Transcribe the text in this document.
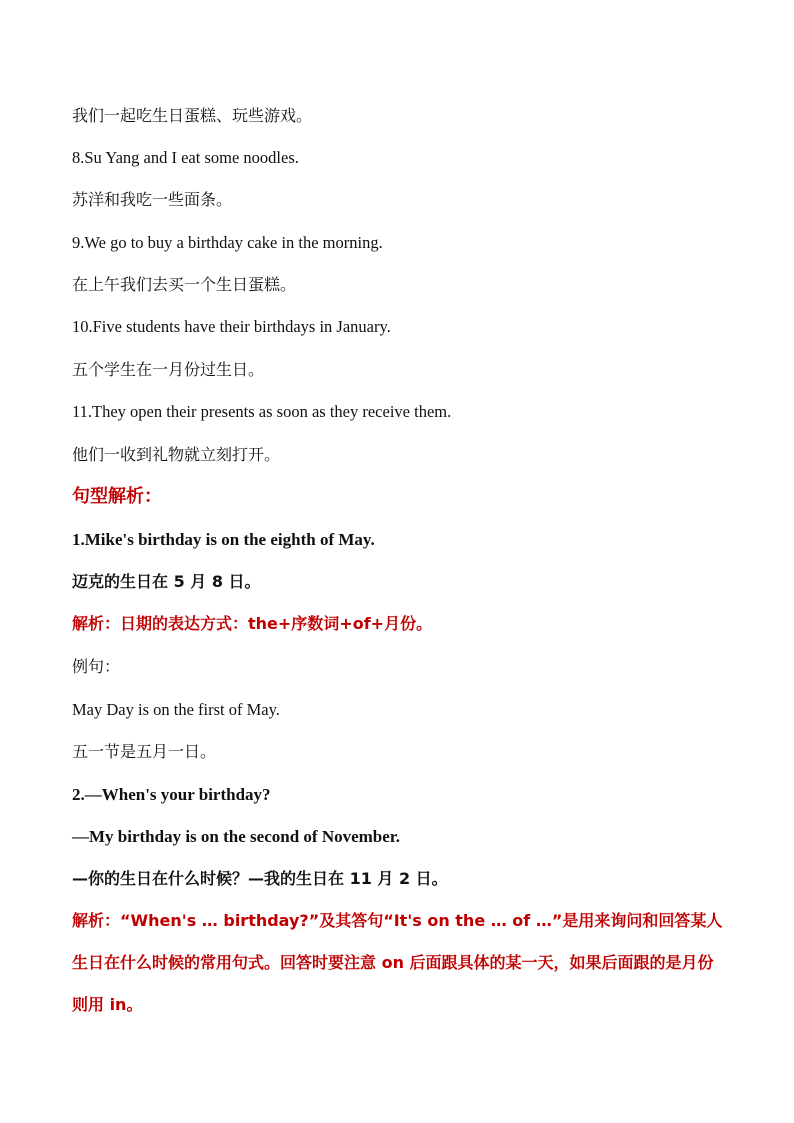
我们一起吃生日蛋糕、玩些游戏。
8.Su Yang and I eat some noodles.
苏洋和我吃一些面条。
9.We go to buy a birthday cake in the morning.
在上午我们去买一个生日蛋糕。
10.Five students have their birthdays in January.
五个学生在一月份过生日。
11.They open their presents as soon as they receive them.
他们一收到礼物就立刻打开。
句型解析：
1.Mike's birthday is on the eighth of May.
迈克的生日在 5 月 8 日。
解析：日期的表达方式：the+序数词+of+月份。
例句：
May Day is on the first of May.
五一节是五月一日。
2.—When's your birthday?
—My birthday is on the second of November.
—你的生日在什么时候？—我的生日在 11 月 2 日。
解析：“When's … birthday?”及其答句“It's on the … of …”是用来询问和回答某人生日在什么时候的常用句式。回答时要注意 on 后面跟具体的某一天，如果后面跟的是月份则用 in。
